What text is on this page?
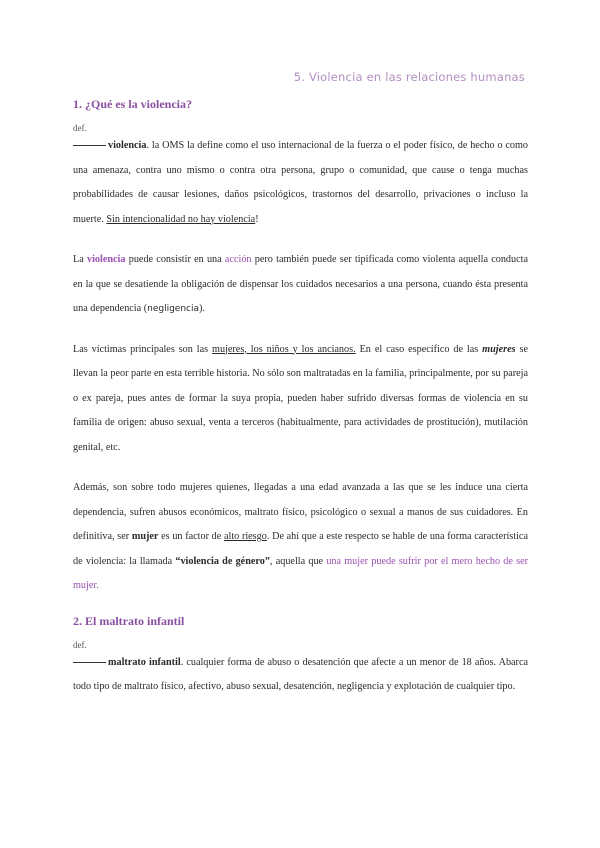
5. Violencia en las relaciones humanas
1. ¿Qué es la violencia?
def.

violencia. la OMS la define como el uso internacional de la fuerza o el poder físico, de hecho o como una amenaza, contra uno mismo o contra otra persona, grupo o comunidad, que cause o tenga muchas probabilidades de causar lesiones, daños psicológicos, trastornos del desarrollo, privaciones o incluso la muerte. Sin intencionalidad no hay violencia!

La violencia puede consistir en una acción pero también puede ser tipificada como violenta aquella conducta en la que se desatiende la obligación de dispensar los cuidados necesarios a una persona, cuando ésta presenta una dependencia (negligencia).

Las víctimas principales son las mujeres, los niños y los ancianos. En el caso específico de las mujeres se llevan la peor parte en esta terrible historia. No sólo son maltratadas en la familia, principalmente, por su pareja o ex pareja, pues antes de formar la suya propia, pueden haber sufrido diversas formas de violencia en su familia de origen: abuso sexual, venta a terceros (habitualmente, para actividades de prostitución), mutilación genital, etc.

Además, son sobre todo mujeres quienes, llegadas a una edad avanzada a las que se les induce una cierta dependencia, sufren abusos económicos, maltrato físico, psicológico o sexual a manos de sus cuidadores. En definitiva, ser mujer es un factor de alto riesgo. De ahí que a este respecto se hable de una forma característica de violencia: la llamada “violencia de género”, aquella que una mujer puede sufrir por el mero hecho de ser mujer.

2. El maltrato infantil
def.

maltrato infantil. cualquier forma de abuso o desatención que afecte a un menor de 18 años. Abarca todo tipo de maltrato físico, afectivo, abuso sexual, desatención, negligencia y explotación de cualquier tipo.
